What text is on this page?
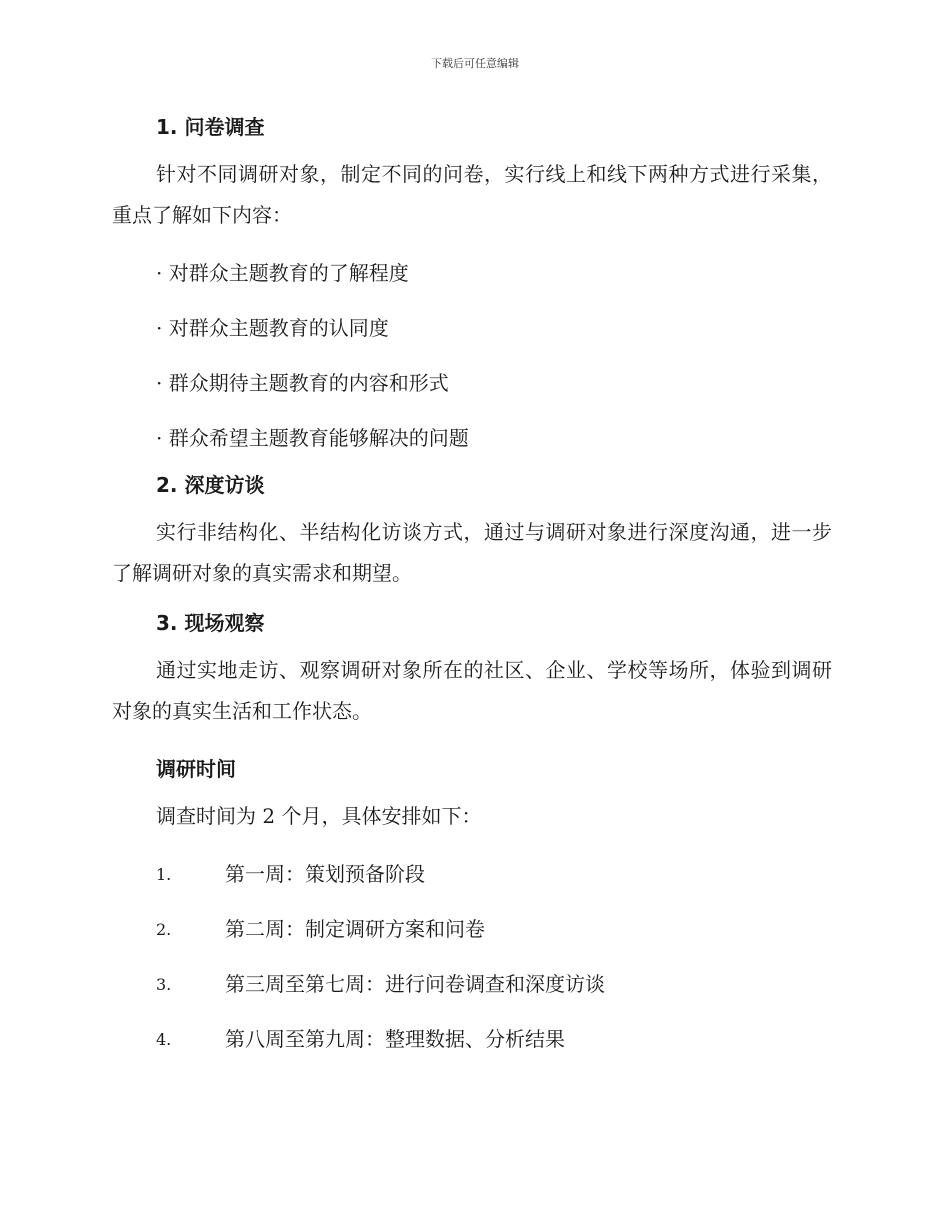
下载后可任意编辑
1. 问卷调查

针对不同调研对象，制定不同的问卷，实行线上和线下两种方式进行采集，重点了解如下内容：

· 对群众主题教育的了解程度
· 对群众主题教育的认同度
· 群众期待主题教育的内容和形式
· 群众希望主题教育能够解决的问题
2. 深度访谈

实行非结构化、半结构化访谈方式，通过与调研对象进行深度沟通，进一步了解调研对象的真实需求和期望。

3. 现场观察

通过实地走访、观察调研对象所在的社区、企业、学校等场所，体验到调研对象的真实生活和工作状态。

调研时间

调查时间为 2 个月，具体安排如下：

1.	第一周：策划预备阶段
2.	第二周：制定调研方案和问卷
3.	第三周至第七周：进行问卷调查和深度访谈
4.	第八周至第九周：整理数据、分析结果
